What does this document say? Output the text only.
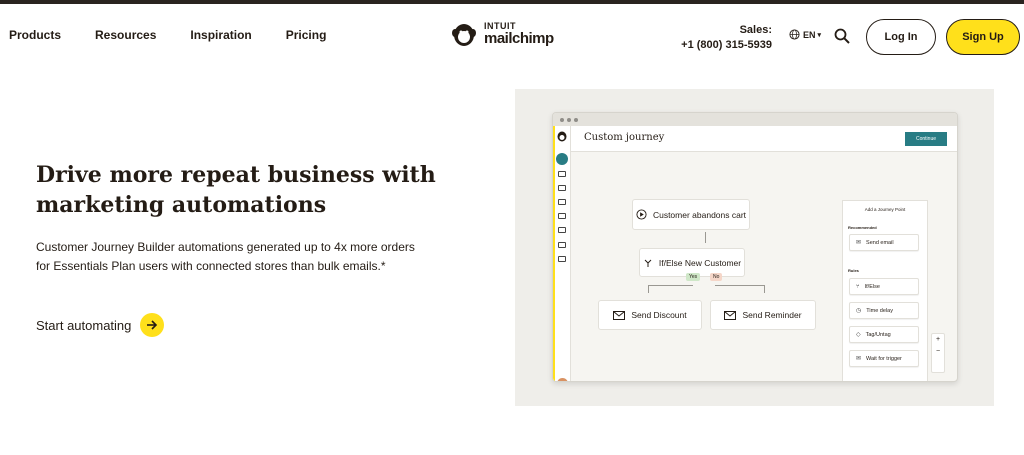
Products	Resources	Inspiration	Pricing
INTUIT
mailchimp	Sales:
+1 (800) 315-5939
EN ▾	Log In	Sign Up
Drive more repeat business with marketing automations

Customer Journey Builder automations generated up to 4x more orders for Essentials Plan users with connected stores than bulk emails.*

Start automating
Custom journey	Continue
Customer abandons cart
If/Else New Customer
Yes	No
Send Discount	Send Reminder
Add a Journey Point
Recommended
✉ Send email
Rules
⑂ If/Else
◷ Time delay
◇ Tag/Untag
✉ Wait for trigger
+
−
